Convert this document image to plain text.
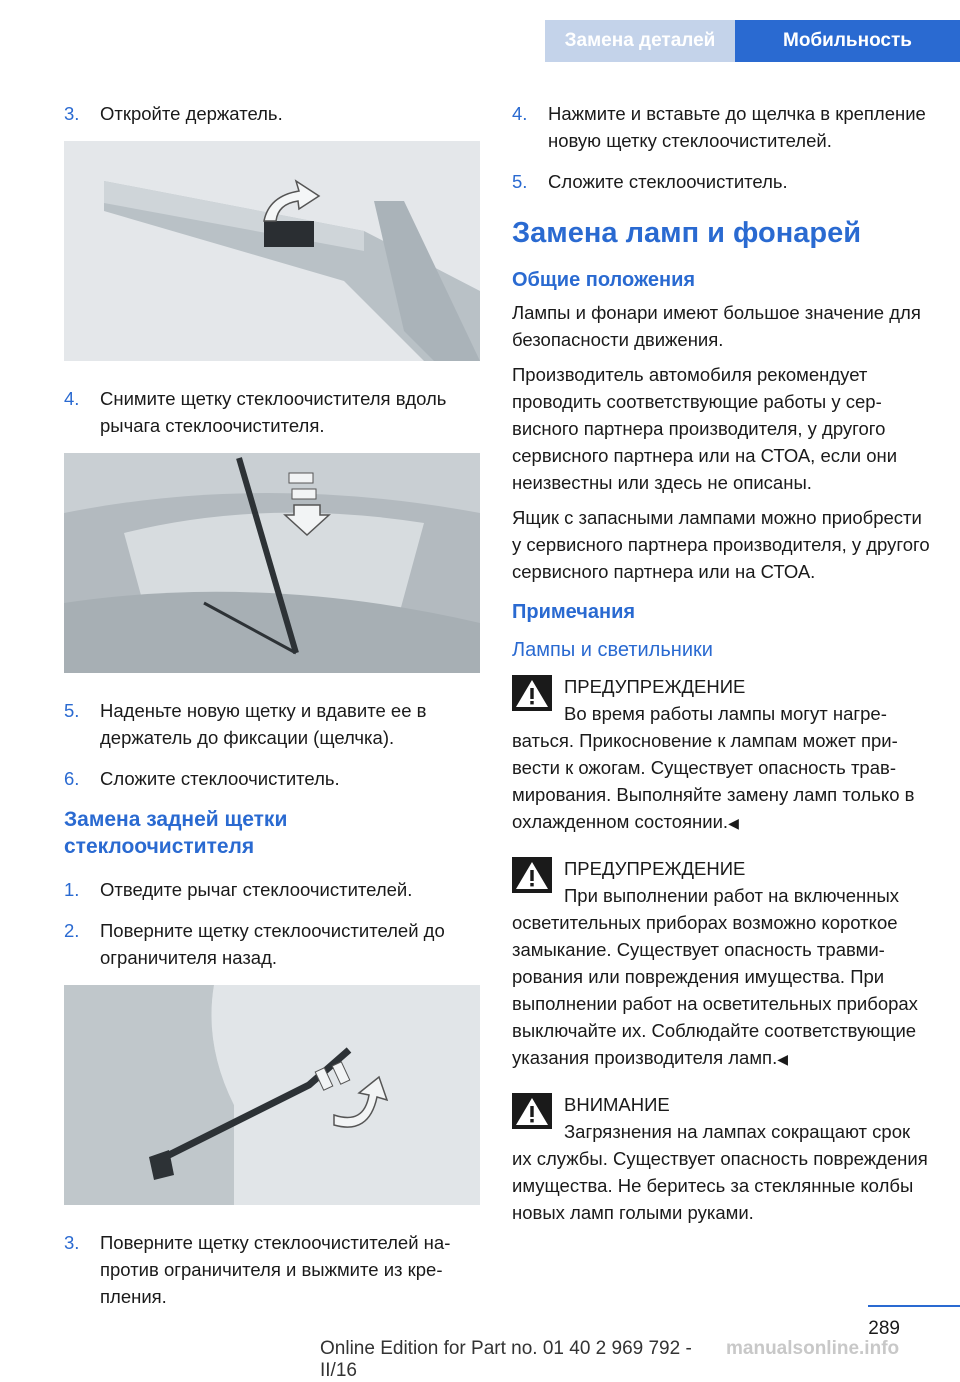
Замена деталей	Мобильность
3.	Откройте держатель.
4.	Снимите щетку стеклоочистителя вдоль рычага стеклоочистителя.
5.	Наденьте новую щетку и вдавите ее в держатель до фиксации (щелчка).
6.	Сложите стеклоочиститель.
Замена задней щетки стеклоочистителя
1.	Отведите рычаг стеклоочистителей.
2.	Поверните щетку стеклоочистителей до ограничителя назад.
3.	Поверните щетку стеклоочистителей напротив ограничителя и выжмите из крепления.
4.	Нажмите и вставьте до щелчка в крепление новую щетку стеклоочистителей.
5.	Сложите стеклоочиститель.
Замена ламп и фонарей
Общие положения

Лампы и фонари имеют большое значение для безопасности движения.

Производитель автомобиля рекомендует проводить соответствующие работы у сервисного партнера производителя, у другого сервисного партнера или на СТОА, если они неизвестны или здесь не описаны.

Ящик с запасными лампами можно приобрести у сервисного партнера производителя, у другого сервисного партнера или на СТОА.

Примечания
Лампы и светильники
ПРЕДУПРЕЖДЕНИЕ
Во время работы лампы могут нагреваться. Прикосновение к лампам может привести к ожогам. Существует опасность травмирования. Выполняйте замену ламп только в охлажденном состоянии.◀
ПРЕДУПРЕЖДЕНИЕ
При выполнении работ на включенных осветительных приборах возможно короткое замыкание. Существует опасность травмирования или повреждения имущества. При выполнении работ на осветительных приборах выключайте их. Соблюдайте соответствующие указания производителя ламп.◀
ВНИМАНИЕ
Загрязнения на лампах сокращают срок их службы. Существует опасность повреждения имущества. Не беритесь за стеклянные колбы новых ламп голыми руками.
289
Online Edition for Part no. 01 40 2 969 792 - II/16
manualsonline.info
